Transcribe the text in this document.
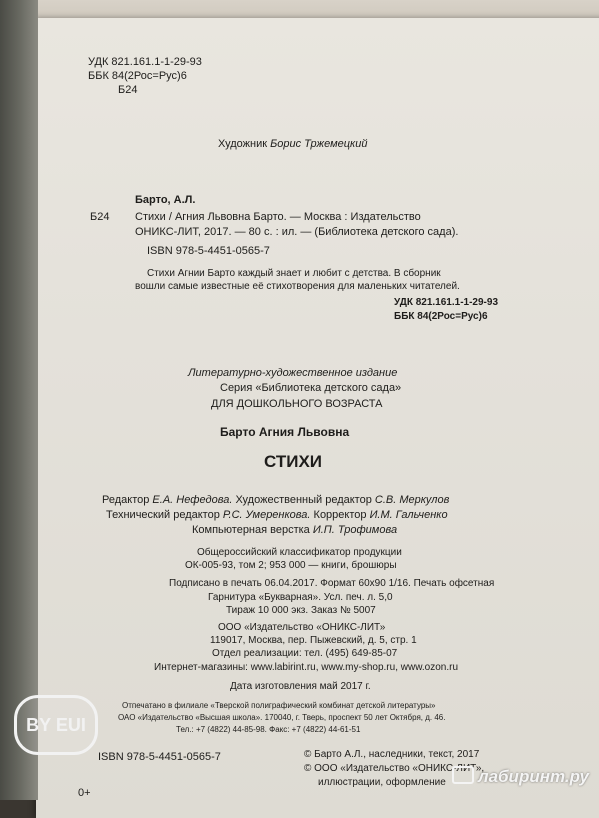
УДК 821.161.1-1-29-93
ББК 84(2Рос=Рус)6
Б24
Художник Борис Тржемецкий
Барто, А.Л.
Б24 Стихи / Агния Львовна Барто. — Москва : Издательство
ОНИКС-ЛИТ, 2017. — 80 с. : ил. — (Библиотека детского сада).
ISBN 978-5-4451-0565-7
Стихи Агнии Барто каждый знает и любит с детства. В сборник
вошли самые известные её стихотворения для маленьких читателей.
УДК 821.161.1-1-29-93
ББК 84(2Рос=Рус)6
Литературно-художественное издание
Серия «Библиотека детского сада»
ДЛЯ ДОШКОЛЬНОГО ВОЗРАСТА
Барто Агния Львовна
СТИХИ
Редактор Е.А. Нефедова. Художественный редактор С.В. Меркулов
Технический редактор Р.С. Умеренкова. Корректор И.М. Гальченко
Компьютерная верстка И.П. Трофимова
Общероссийский классификатор продукции
ОК-005-93, том 2; 953 000 — книги, брошюры
Подписано в печать 06.04.2017. Формат 60x90 1/16. Печать офсетная
Гарнитура «Букварная». Усл. печ. л. 5,0
Тираж 10 000 экз. Заказ № 5007
ООО «Издательство «ОНИКС-ЛИТ»
119017, Москва, пер. Пыжевский, д. 5, стр. 1
Отдел реализации: тел. (495) 649-85-07
Интернет-магазины: www.labirint.ru, www.my-shop.ru, www.ozon.ru
Дата изготовления май 2017 г.
Отпечатано в филиале «Тверской полиграфический комбинат детской литературы»
ОАО «Издательство «Высшая школа». 170040, г. Тверь, проспект 50 лет Октября, д. 46.
Тел.: +7 (4822) 44-85-98. Факс: +7 (4822) 44-61-51
ISBN 978-5-4451-0565-7	© Барто А.Л., наследники, текст, 2017
© ООО «Издательство «ОНИКС-ЛИТ»,
иллюстрации, оформление
0+
BY EUI
лабиринт.ру
